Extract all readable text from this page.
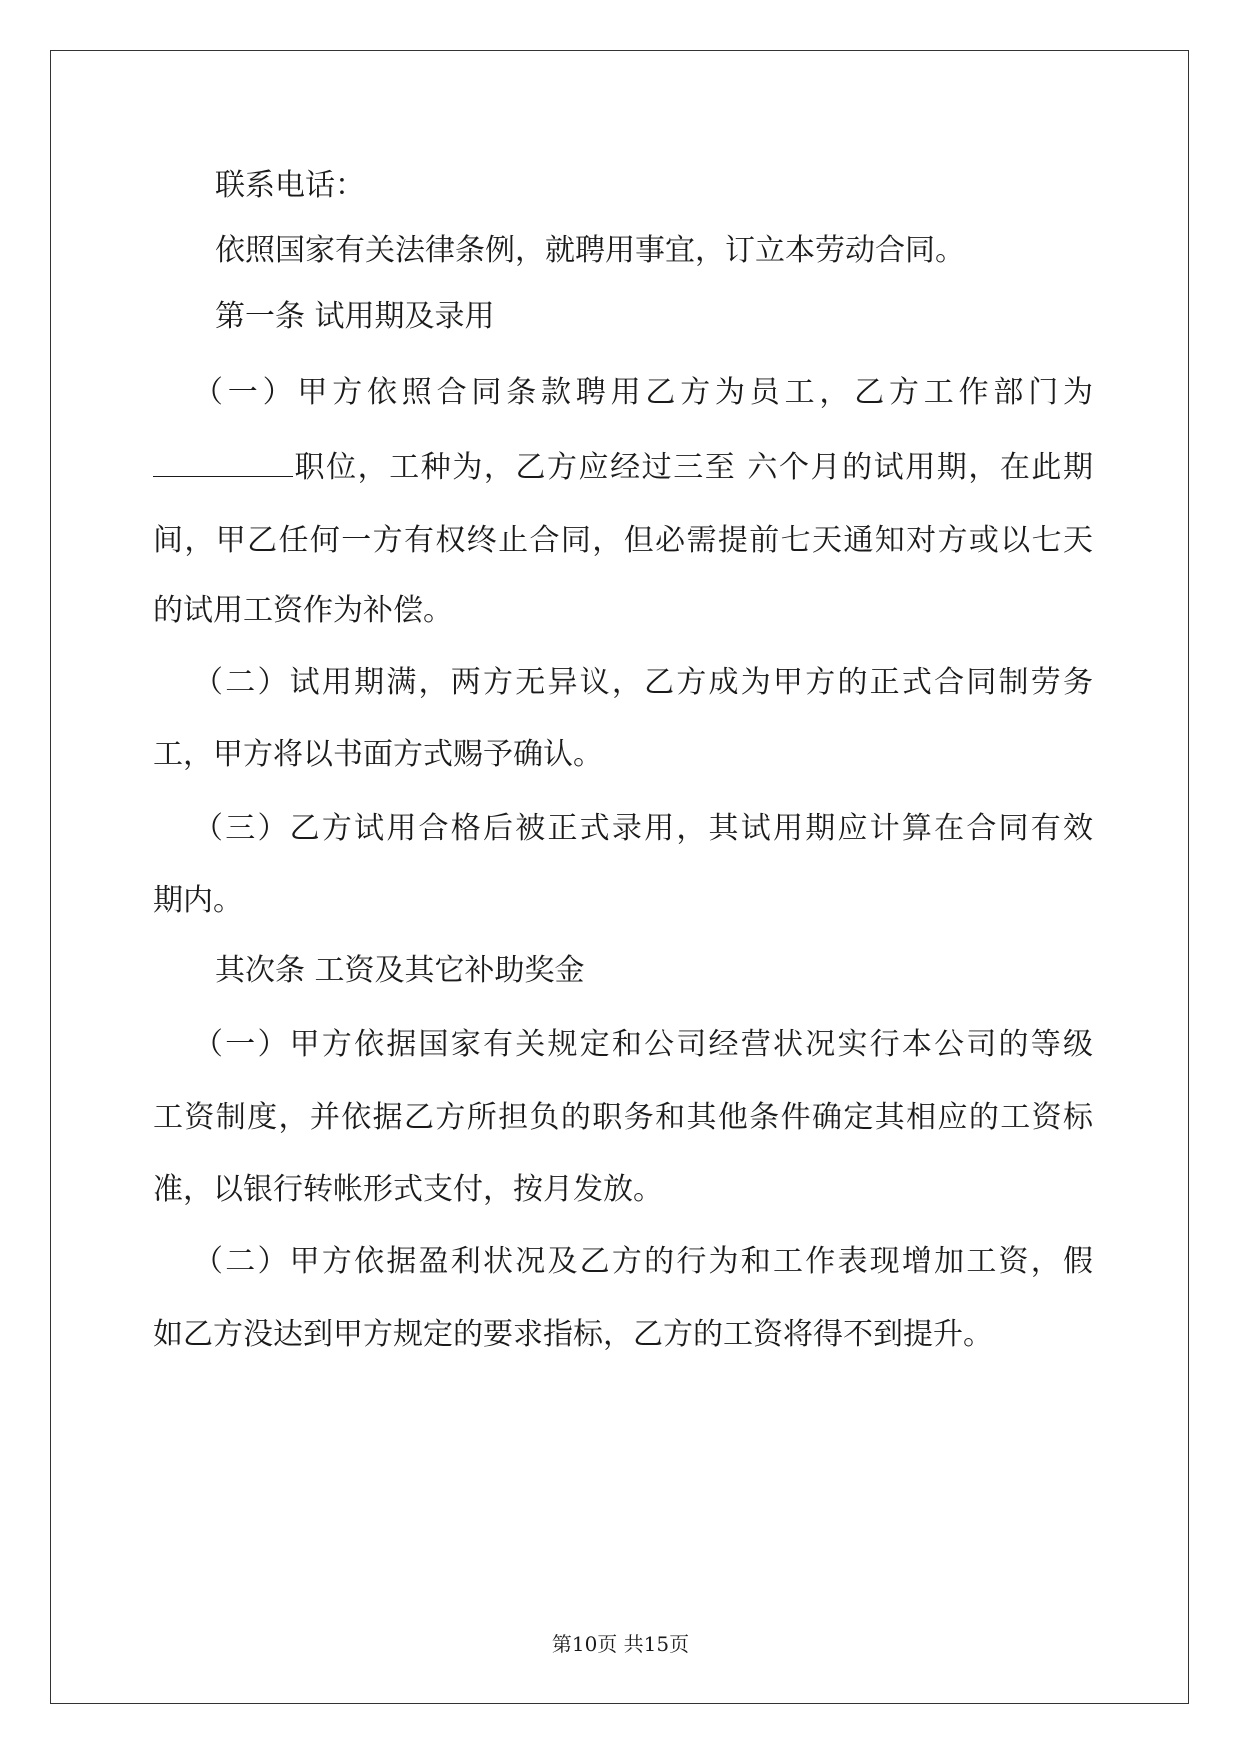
联系电话：
依照国家有关法律条例，就聘用事宜，订立本劳动合同。
第一条 试用期及录用
（一）甲方依照合同条款聘用乙方为员工，乙方工作部门为
职位，工种为，乙方应经过三至 六个月的试用期，在此期
间，甲乙任何一方有权终止合同，但必需提前七天通知对方或以七天
的试用工资作为补偿。
（二）试用期满，两方无异议，乙方成为甲方的正式合同制劳务
工，甲方将以书面方式赐予确认。
（三）乙方试用合格后被正式录用，其试用期应计算在合同有效
期内。
其次条 工资及其它补助奖金
（一）甲方依据国家有关规定和公司经营状况实行本公司的等级
工资制度，并依据乙方所担负的职务和其他条件确定其相应的工资标
准，以银行转帐形式支付，按月发放。
（二）甲方依据盈利状况及乙方的行为和工作表现增加工资，假
如乙方没达到甲方规定的要求指标，乙方的工资将得不到提升。
第10页 共15页
